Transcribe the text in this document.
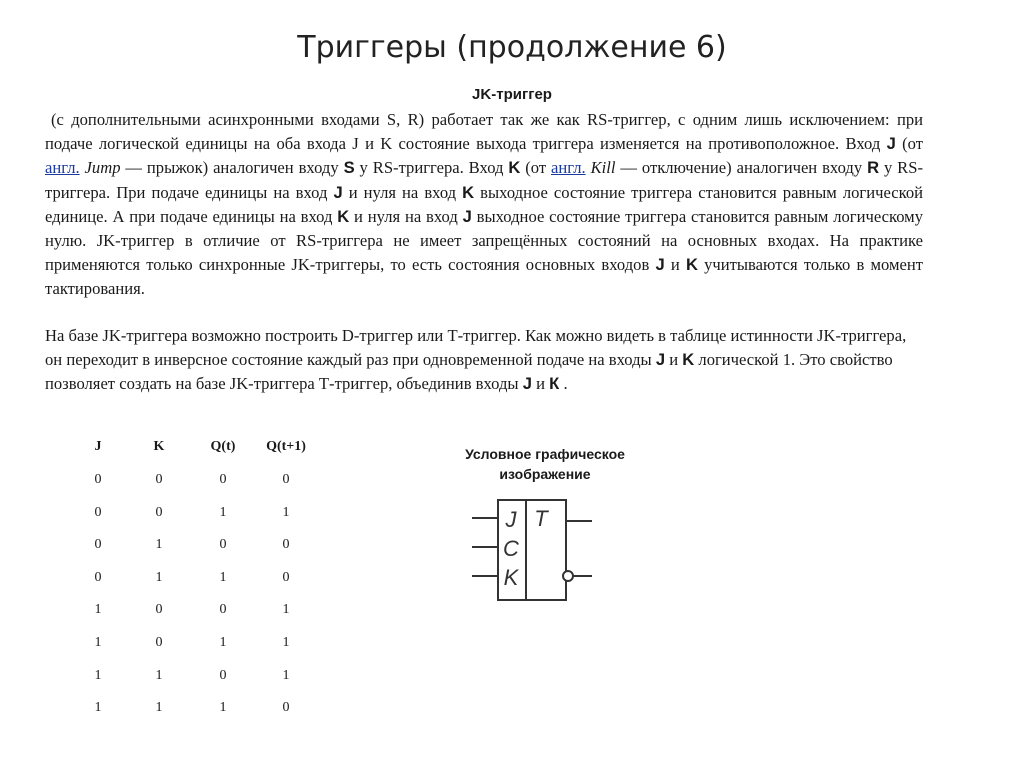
Триггеры (продолжение 6)
JK-триггер
(с дополнительными асинхронными входами S, R) работает так же как RS-триггер, с одним лишь исключением: при подаче логической единицы на оба входа J и K состояние выхода триггера изменяется на противоположное. Вход J (от англ. Jump — прыжок) аналогичен входу S у RS-триггера. Вход K (от англ. Kill — отключение) аналогичен входу R у RS-триггера. При подаче единицы на вход J и нуля на вход K выходное состояние триггера становится равным логической единице. А при подаче единицы на вход K и нуля на вход J выходное состояние триггера становится равным логическому нулю. JK-триггер в отличие от RS-триггера не имеет запрещённых состояний на основных входах. На практике применяются только синхронные JK-триггеры, то есть состояния основных входов J и K учитываются только в момент тактирования.
На базе JK-триггера возможно построить D-триггер или Т-триггер. Как можно видеть в таблице истинности JK-триггера, он переходит в инверсное состояние каждый раз при одновременной подаче на входы J и K логической 1. Это свойство позволяет создать на базе JK-триггера Т-триггер, объединив входы J и К .
J	K	Q(t)	Q(t+1)
0	0	0	0
0	0	1	1
0	1	0	0
0	1	1	0
1	0	0	1
1	0	1	1
1	1	0	1
1	1	1	0
Условное графическое
изображение
J
C
K
T
